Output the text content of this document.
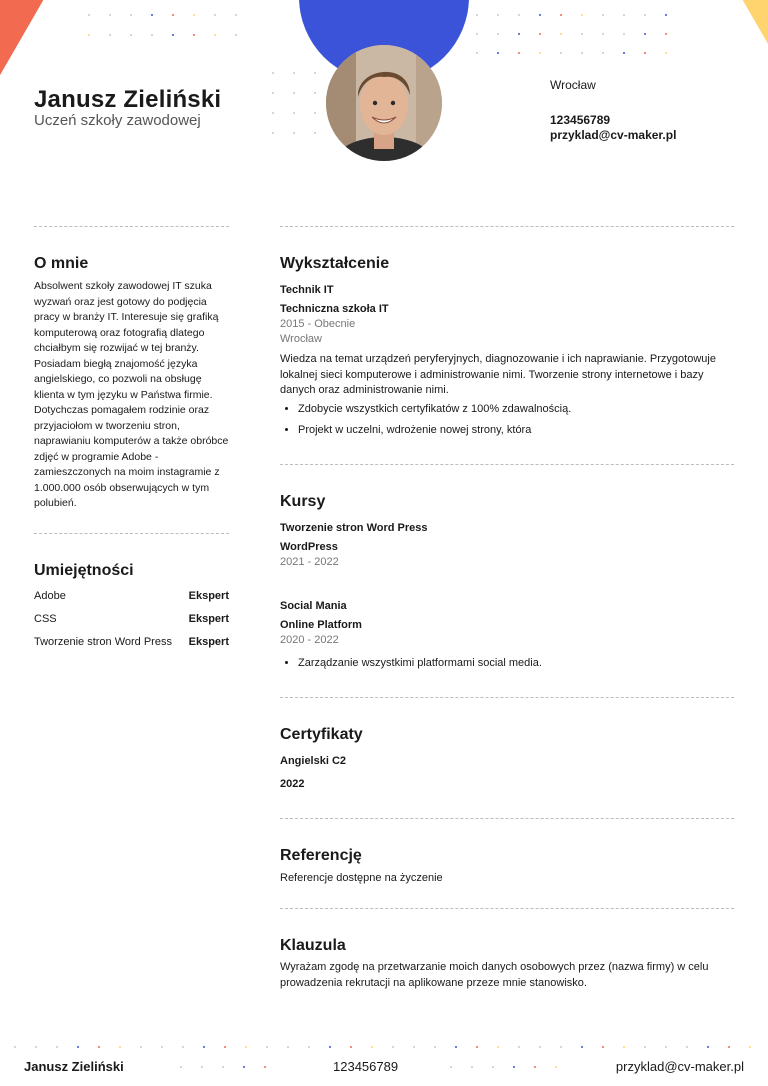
Janusz Zieliński
Uczeń szkoły zawodowej
Wrocław
123456789
przyklad@cv-maker.pl
O mnie
Absolwent szkoły zawodowej IT szuka wyzwań oraz jest gotowy do podjęcia pracy w branży IT. Interesuje się grafiką komputerową oraz fotografią dlatego chciałbym się rozwijać w tej branży. Posiadam biegłą znajomość języka angielskiego, co pozwoli na obsługę klienta w tym języku w Państwa firmie. Dotychczas pomagałem rodzinie oraz przyjaciołom w tworzeniu stron, naprawianiu komputerów a także obróbce zdjęć w programie Adobe - zamieszczonych na moim instagramie z 1.000.000 osób obserwujących w tym polubień.
Umiejętności
Adobe	Ekspert
CSS	Ekspert
Tworzenie stron Word Press Ekspert
Wykształcenie
Technik IT
Techniczna szkoła IT
2015 - Obecnie
Wrocław
Wiedza na temat urządzeń peryferyjnych, diagnozowanie i ich naprawianie. Przygotowuje lokalnej sieci komputerowe i administrowanie nimi. Tworzenie strony internetowe i bazy danych oraz administrowanie nimi.
• Zdobycie wszystkich certyfikatów z 100% zdawalnością.
• Projekt w uczelni, wdrożenie nowej strony, która
Kursy
Tworzenie stron Word Press
WordPress
2021 - 2022
Social Mania
Online Platform
2020 - 2022
• Zarządzanie wszystkimi platformami social media.
Certyfikaty
Angielski C2
2022
Referencję
Referencje dostępne na życzenie
Klauzula
Wyrażam zgodę na przetwarzanie moich danych osobowych przez (nazwa firmy) w celu prowadzenia rekrutacji na aplikowane przeze mnie stanowisko.
Janusz Zieliński	123456789	przyklad@cv-maker.pl
